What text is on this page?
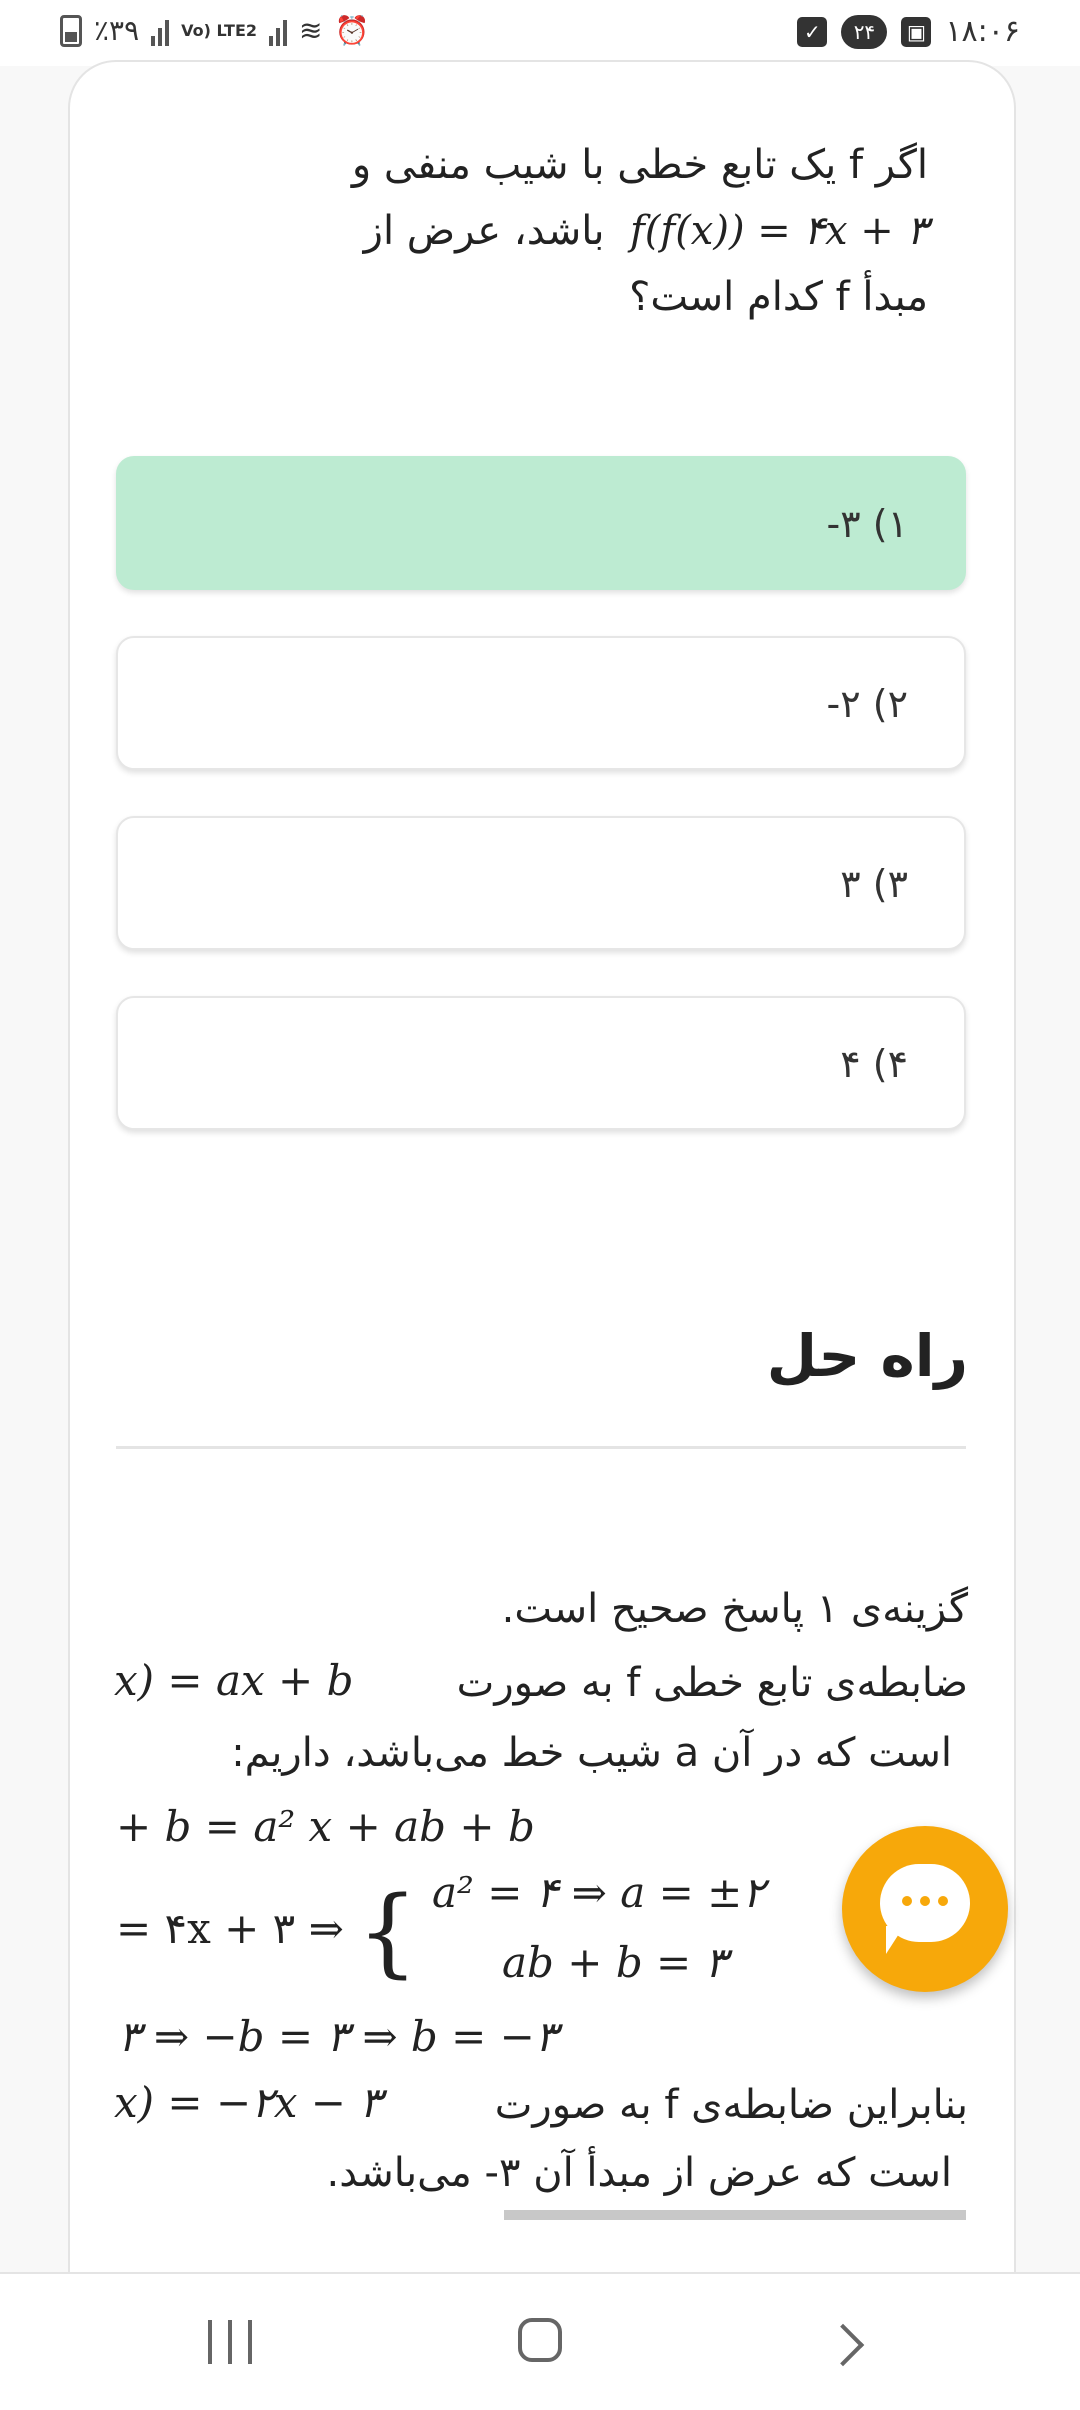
٪۳۹	Vo) LTE2 ≋ ⏰	✓	۲۴	▣ ۱۸:۰۶
اگر f یک تابع خطی با شیب منفی و
f(f(x)) = ۴x + ۳  باشد، عرض از
مبدأ f کدام است؟
۱) ۳-
۲) ۲-
۳) ۳
۴) ۴
راه حل
گزینه‌ی ۱ پاسخ صحیح است.
ضابطه‌ی تابع خطی f به صورت
x) = ax + b
است که در آن a شیب خط می‌باشد، داریم:
+ b = a² x + ab + b
= ۴x + ۳ ⇒ { a² = ۴ ⇒ a = ±۲
ab + b = ۳
۳ ⇒ −b = ۳ ⇒ b = −۳
بنابراین ضابطه‌ی f به صورت
x) = −۲x − ۳
است که عرض از مبدأ آن ۳- می‌باشد.
